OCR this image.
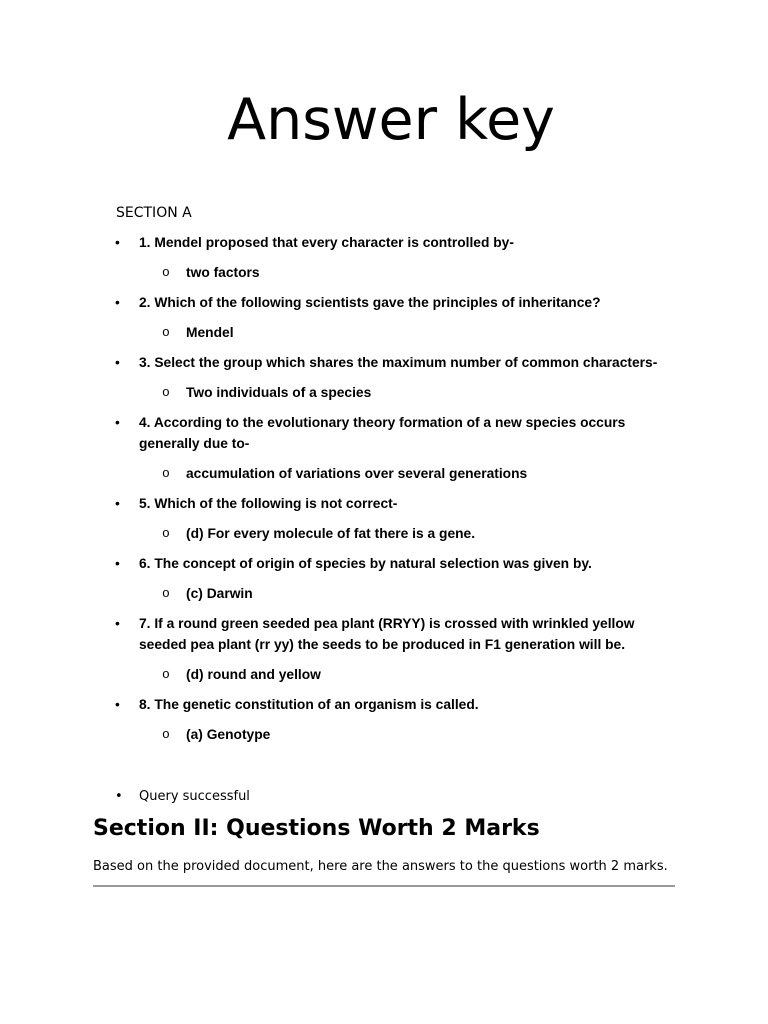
Answer key
SECTION A
• 1. Mendel proposed that every character is controlled by-
o two factors
• 2. Which of the following scientists gave the principles of inheritance?
o Mendel
• 3. Select the group which shares the maximum number of common characters-
o Two individuals of a species
• 4. According to the evolutionary theory formation of a new species occurs generally due to-
o accumulation of variations over several generations
• 5. Which of the following is not correct-
o (d) For every molecule of fat there is a gene.
• 6. The concept of origin of species by natural selection was given by.
o (c) Darwin
• 7. If a round green seeded pea plant (RRYY) is crossed with wrinkled yellow seeded pea plant (rr yy) the seeds to be produced in F1 generation will be.
o (d) round and yellow
• 8. The genetic constitution of an organism is called.
o (a) Genotype
•	Query successful
Section II: Questions Worth 2 Marks

Based on the provided document, here are the answers to the questions worth 2 marks.
